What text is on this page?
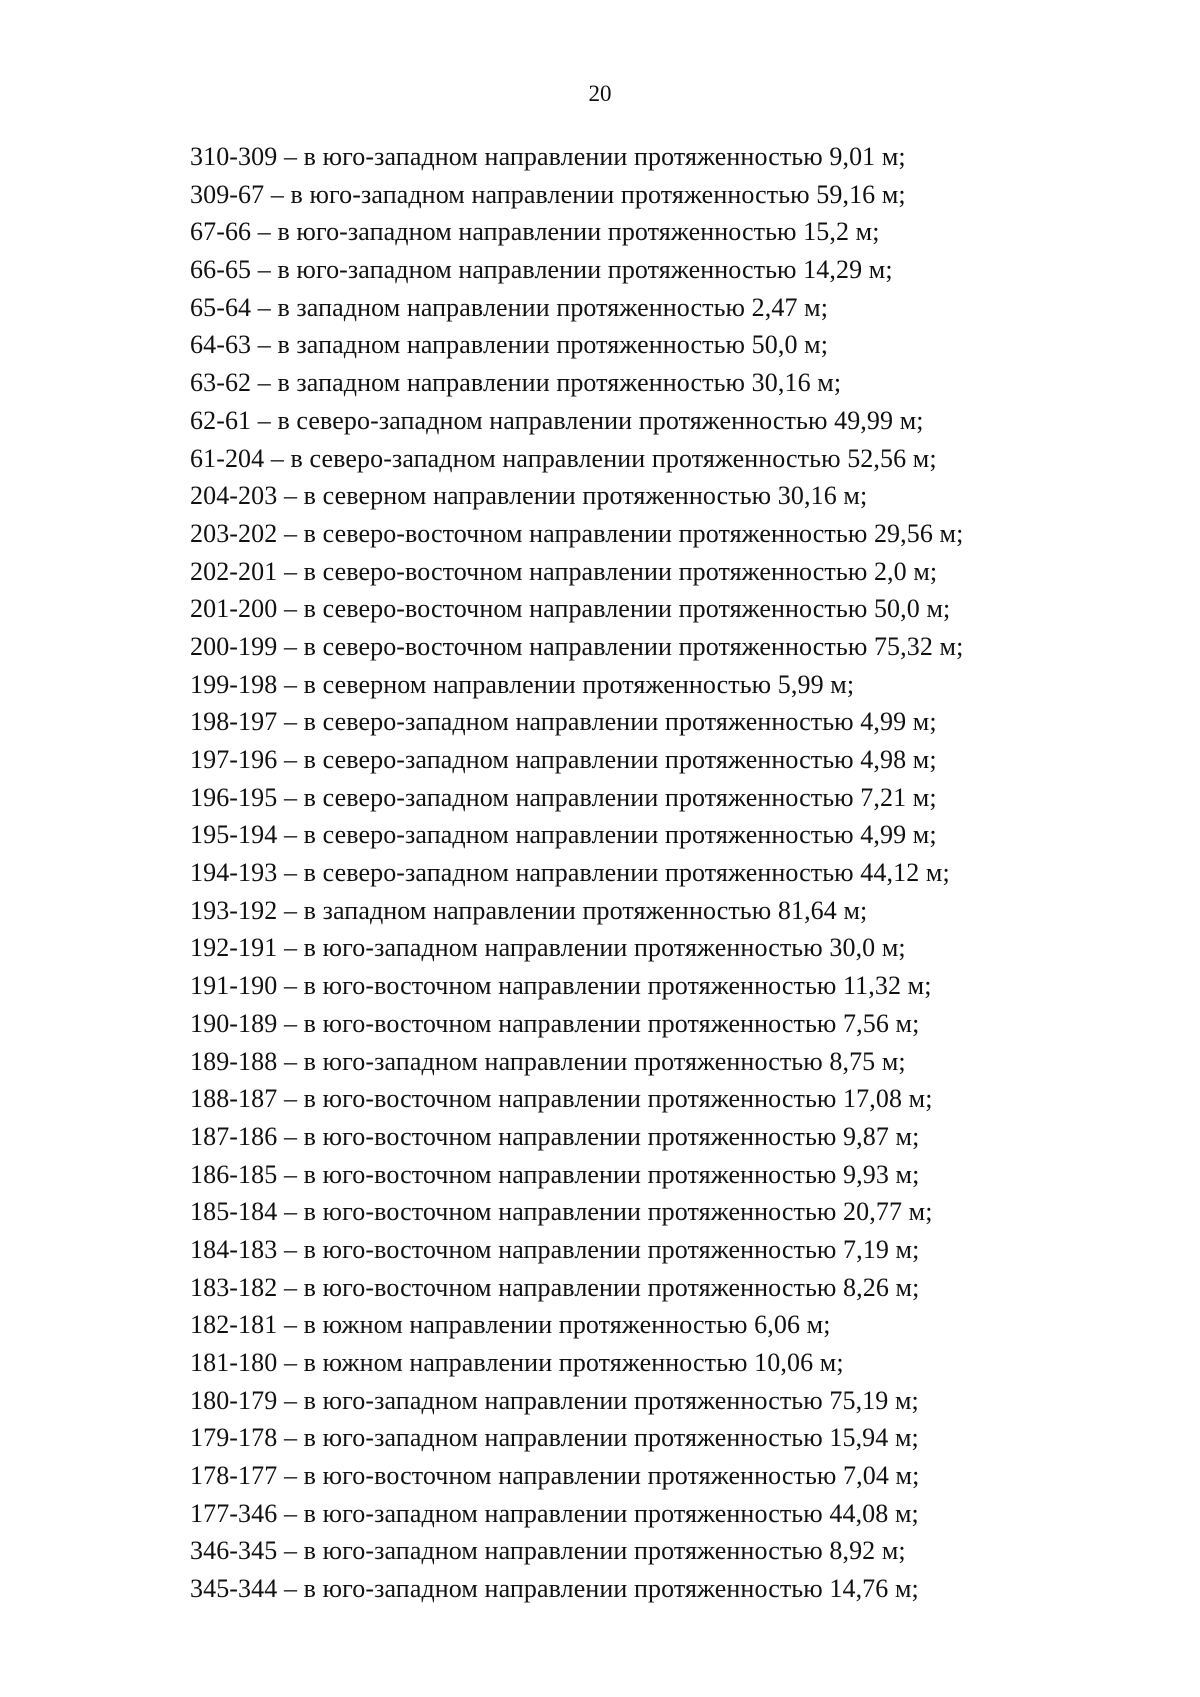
20
310-309 – в юго-западном направлении протяженностью 9,01 м;
309-67 – в юго-западном направлении протяженностью 59,16 м;
67-66 – в юго-западном направлении протяженностью 15,2 м;
66-65 – в юго-западном направлении протяженностью 14,29 м;
65-64 – в западном направлении протяженностью 2,47 м;
64-63 – в западном направлении протяженностью 50,0 м;
63-62 – в западном направлении протяженностью 30,16 м;
62-61 – в северо-западном направлении протяженностью 49,99 м;
61-204 – в северо-западном направлении протяженностью 52,56 м;
204-203 – в северном направлении протяженностью 30,16 м;
203-202 – в северо-восточном направлении протяженностью 29,56 м;
202-201 – в северо-восточном направлении протяженностью 2,0 м;
201-200 – в северо-восточном направлении протяженностью 50,0 м;
200-199 – в северо-восточном направлении протяженностью 75,32 м;
199-198 – в северном направлении протяженностью 5,99 м;
198-197 – в северо-западном направлении протяженностью 4,99 м;
197-196 – в северо-западном направлении протяженностью 4,98 м;
196-195 – в северо-западном направлении протяженностью 7,21 м;
195-194 – в северо-западном направлении протяженностью 4,99 м;
194-193 – в северо-западном направлении протяженностью 44,12 м;
193-192 – в западном направлении протяженностью 81,64 м;
192-191 – в юго-западном направлении протяженностью 30,0 м;
191-190 – в юго-восточном направлении протяженностью 11,32 м;
190-189 – в юго-восточном направлении протяженностью 7,56 м;
189-188 – в юго-западном направлении протяженностью 8,75 м;
188-187 – в юго-восточном направлении протяженностью 17,08 м;
187-186 – в юго-восточном направлении протяженностью 9,87 м;
186-185 – в юго-восточном направлении протяженностью 9,93 м;
185-184 – в юго-восточном направлении протяженностью 20,77 м;
184-183 – в юго-восточном направлении протяженностью 7,19 м;
183-182 – в юго-восточном направлении протяженностью 8,26 м;
182-181 – в южном направлении протяженностью 6,06 м;
181-180 – в южном направлении протяженностью 10,06 м;
180-179 – в юго-западном направлении протяженностью 75,19 м;
179-178 – в юго-западном направлении протяженностью 15,94 м;
178-177 – в юго-восточном направлении протяженностью 7,04 м;
177-346 – в юго-западном направлении протяженностью 44,08 м;
346-345 – в юго-западном направлении протяженностью 8,92 м;
345-344 – в юго-западном направлении протяженностью 14,76 м;
